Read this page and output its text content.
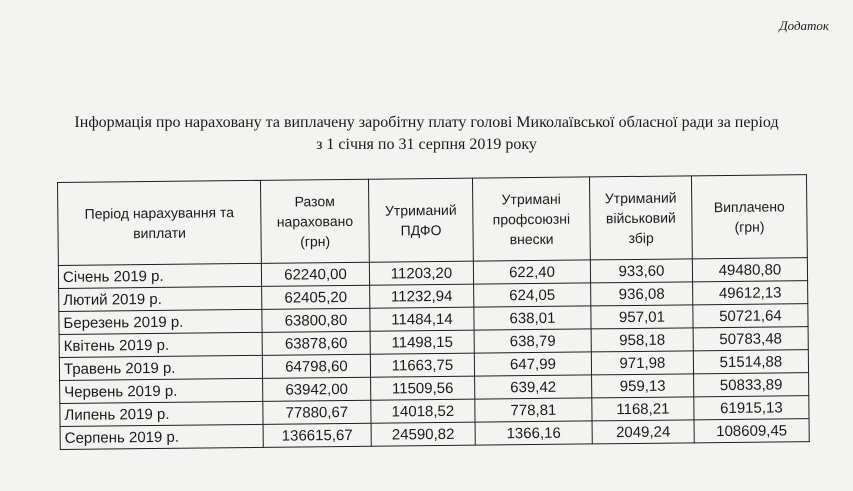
Додаток
Інформація про нараховану та виплачену заробітну плату голові Миколаївської обласної ради за період
з 1 січня по 31 серпня 2019 року
Період нарахування та виплати	Разом нараховано (грн)	Утриманий ПДФО	Утримані профсоюзні внески	Утриманий військовий збір	Виплачено (грн)
Січень 2019 р.	62240,00	11203,20	622,40	933,60	49480,80
Лютий 2019 р.	62405,20	11232,94	624,05	936,08	49612,13
Березень 2019 р.	63800,80	11484,14	638,01	957,01	50721,64
Квітень 2019 р.	63878,60	11498,15	638,79	958,18	50783,48
Травень 2019 р.	64798,60	11663,75	647,99	971,98	51514,88
Червень 2019 р.	63942,00	11509,56	639,42	959,13	50833,89
Липень 2019 р.	77880,67	14018,52	778,81	1168,21	61915,13
Серпень 2019 р.	136615,67	24590,82	1366,16	2049,24	108609,45
